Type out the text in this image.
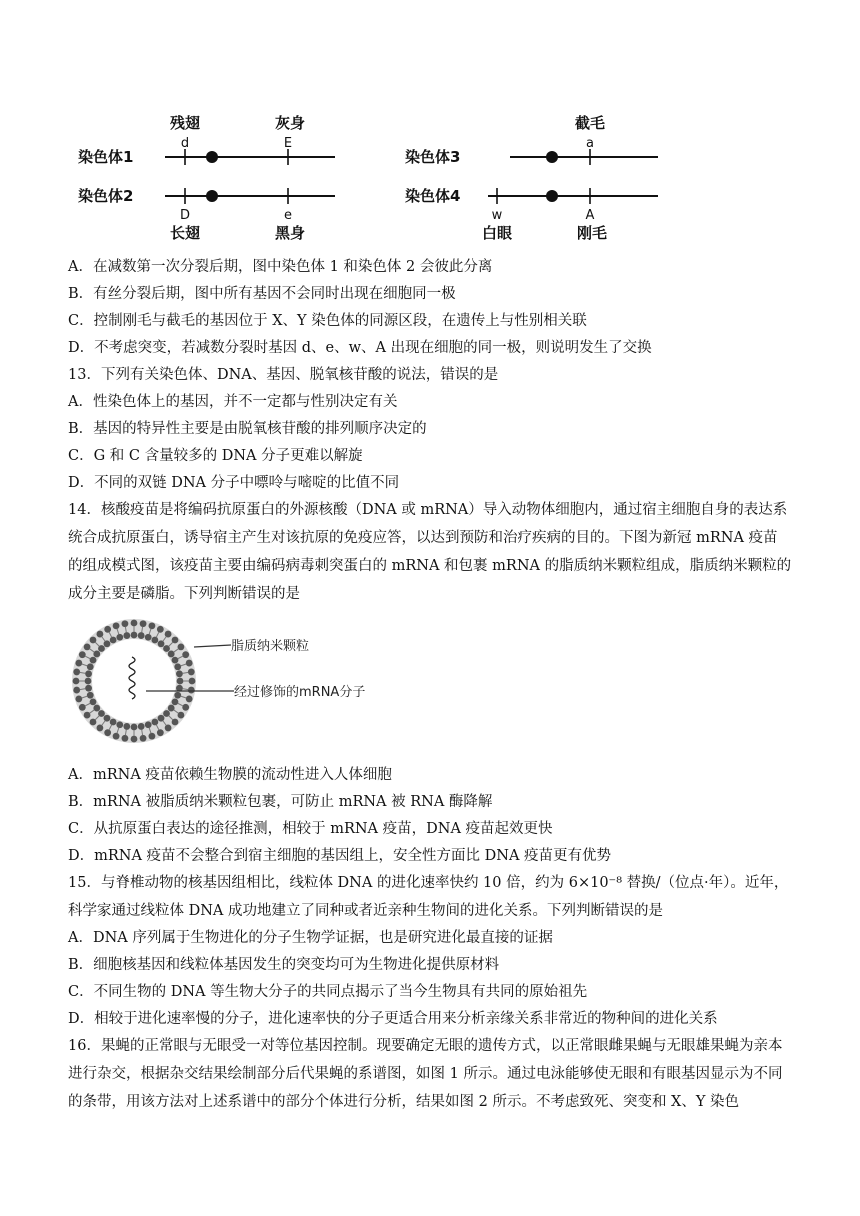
染色体1
残翅
d
灰身
E
染色体2
D
长翅
e
黑身
染色体3
截毛
a
染色体4
w
白眼
A
刚毛
A．在减数第一次分裂后期，图中染色体 1 和染色体 2 会彼此分离
B．有丝分裂后期，图中所有基因不会同时出现在细胞同一极
C．控制刚毛与截毛的基因位于 X、Y 染色体的同源区段，在遗传上与性别相关联
D．不考虑突变，若减数分裂时基因 d、e、w、A 出现在细胞的同一极，则说明发生了交换
13．下列有关染色体、DNA、基因、脱氧核苷酸的说法，错误的是
A．性染色体上的基因，并不一定都与性别决定有关
B．基因的特异性主要是由脱氧核苷酸的排列顺序决定的
C．G 和 C 含量较多的 DNA 分子更难以解旋
D．不同的双链 DNA 分子中嘌呤与嘧啶的比值不同
14．核酸疫苗是将编码抗原蛋白的外源核酸（DNA 或 mRNA）导入动物体细胞内，通过宿主细胞自身的表达系统合成抗原蛋白，诱导宿主产生对该抗原的免疫应答，以达到预防和治疗疾病的目的。下图为新冠 mRNA 疫苗的组成模式图，该疫苗主要由编码病毒刺突蛋白的 mRNA 和包裹 mRNA 的脂质纳米颗粒组成，脂质纳米颗粒的成分主要是磷脂。下列判断错误的是
脂质纳米颗粒
经过修饰的mRNA分子
A．mRNA 疫苗依赖生物膜的流动性进入人体细胞
B．mRNA 被脂质纳米颗粒包裹，可防止 mRNA 被 RNA 酶降解
C．从抗原蛋白表达的途径推测，相较于 mRNA 疫苗，DNA 疫苗起效更快
D．mRNA 疫苗不会整合到宿主细胞的基因组上，安全性方面比 DNA 疫苗更有优势
15．与脊椎动物的核基因组相比，线粒体 DNA 的进化速率快约 10 倍，约为 6×10⁻⁸ 替换/（位点·年）。近年，科学家通过线粒体 DNA 成功地建立了同种或者近亲种生物间的进化关系。下列判断错误的是
A．DNA 序列属于生物进化的分子生物学证据，也是研究进化最直接的证据
B．细胞核基因和线粒体基因发生的突变均可为生物进化提供原材料
C．不同生物的 DNA 等生物大分子的共同点揭示了当今生物具有共同的原始祖先
D．相较于进化速率慢的分子，进化速率快的分子更适合用来分析亲缘关系非常近的物种间的进化关系
16．果蝇的正常眼与无眼受一对等位基因控制。现要确定无眼的遗传方式，以正常眼雌果蝇与无眼雄果蝇为亲本进行杂交，根据杂交结果绘制部分后代果蝇的系谱图，如图 1 所示。通过电泳能够使无眼和有眼基因显示为不同的条带，用该方法对上述系谱中的部分个体进行分析，结果如图 2 所示。不考虑致死、突变和 X、Y 染色
